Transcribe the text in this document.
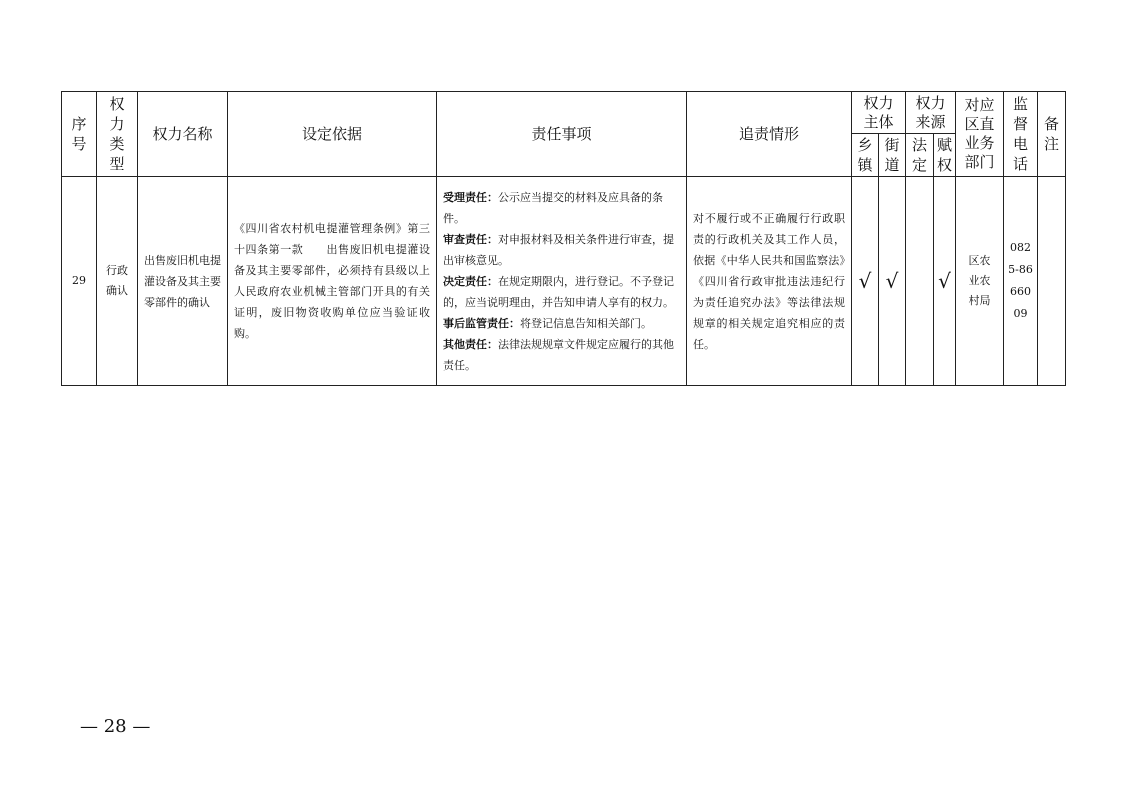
序号	权力类型	权力名称	设定依据	责任事项	追责情形	权力主体		权力来源		对应区直业务部门	监督电话	备注
						乡镇	街道	法定	赋权			
29	行政确认	出售废旧机电提灌设备及其主要零部件的确认	《四川省农村机电提灌管理条例》第三十四条第一款　　出售废旧机电提灌设备及其主要零部件，必须持有县级以上人民政府农业机械主管部门开具的有关证明，废旧物资收购单位应当验证收购。	受理责任：公示应当提交的材料及应具备的条件。
审查责任：对申报材料及相关条件进行审查，提出审核意见。
决定责任：在规定期限内，进行登记。不予登记的，应当说明理由，并告知申请人享有的权力。
事后监管责任：将登记信息告知相关部门。
其他责任：法律法规规章文件规定应履行的其他责任。	对不履行或不正确履行行政职责的行政机关及其工作人员，依据《中华人民共和国监察法》《四川省行政审批违法违纪行为责任追究办法》等法律法规规章的相关规定追究相应的责任。	√	√		√	区农业农村局	0825-8666009	
— 28 —
